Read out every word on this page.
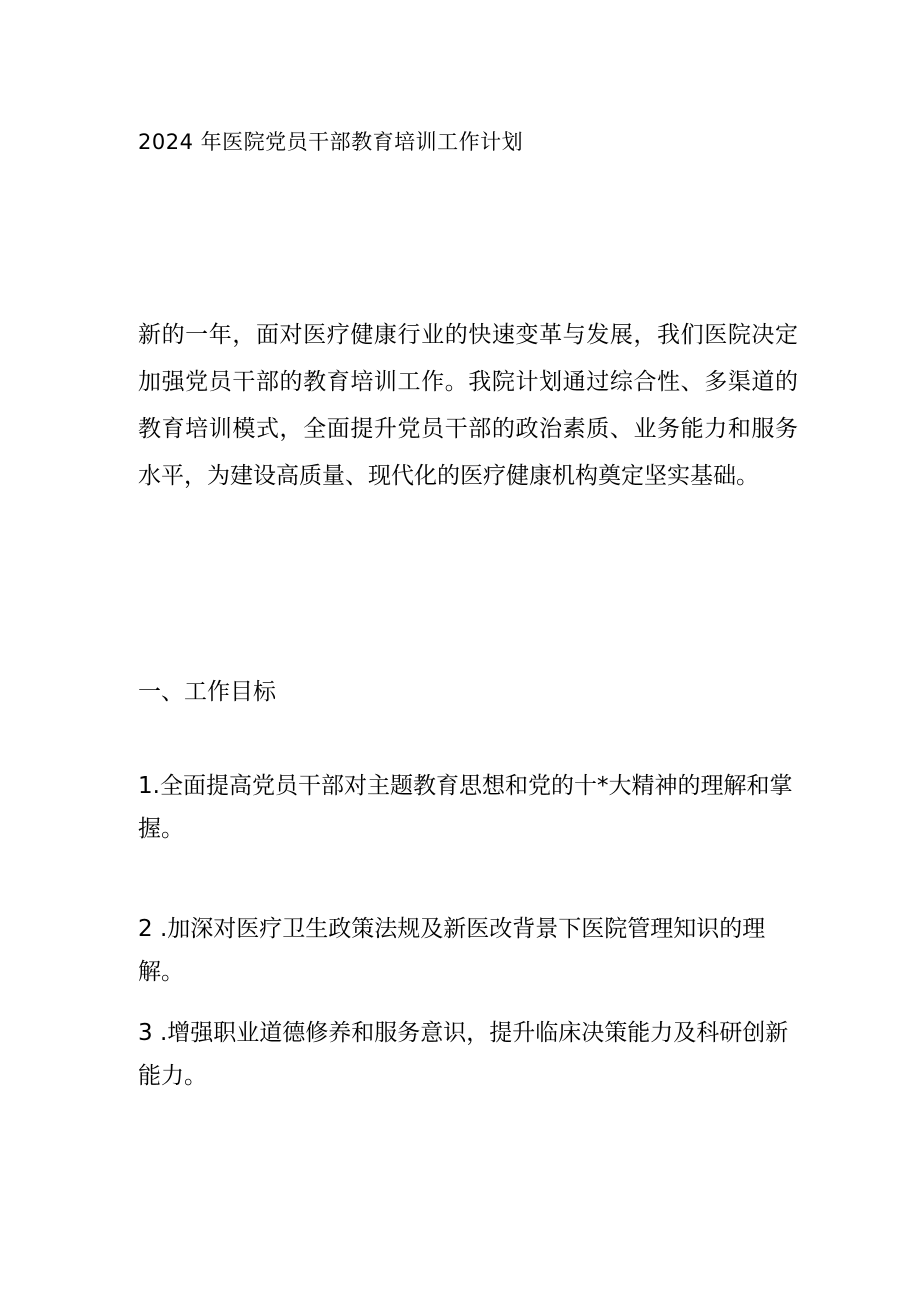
2024 年医院党员干部教育培训工作计划
新的一年，面对医疗健康行业的快速变革与发展，我们医院决定加强党员干部的教育培训工作。我院计划通过综合性、多渠道的教育培训模式，全面提升党员干部的政治素质、业务能力和服务水平，为建设高质量、现代化的医疗健康机构奠定坚实基础。
一、工作目标
1.全面提高党员干部对主题教育思想和党的十*大精神的理解和掌握。
2 .加深对医疗卫生政策法规及新医改背景下医院管理知识的理解。
3 .增强职业道德修养和服务意识，提升临床决策能力及科研创新能力。
